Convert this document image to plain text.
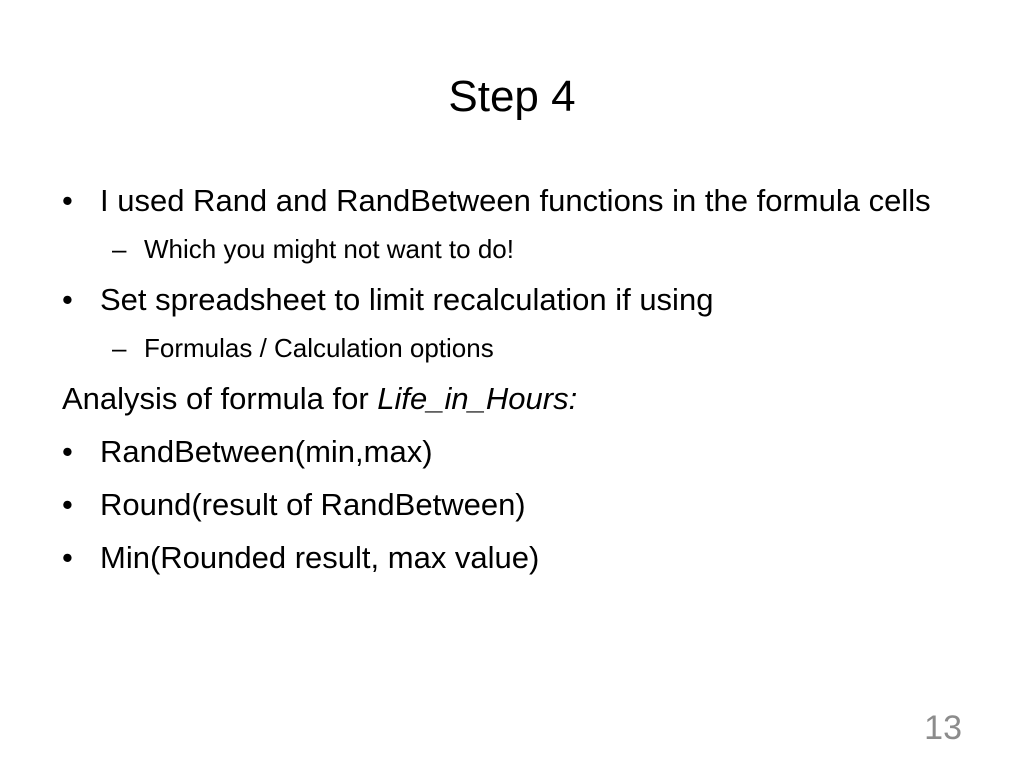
Step 4
• I used Rand and RandBetween functions in the formula cells
– Which you might not want to do!
• Set spreadsheet to limit recalculation if using
– Formulas / Calculation options
Analysis of formula for Life_in_Hours:
• RandBetween(min,max)
• Round(result of RandBetween)
• Min(Rounded result, max value)
13
